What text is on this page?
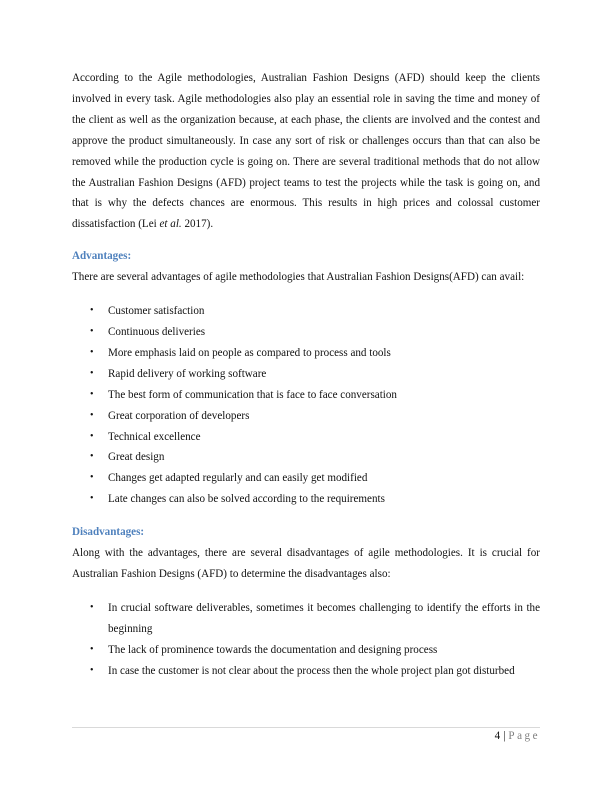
According to the Agile methodologies, Australian Fashion Designs (AFD) should keep the clients involved in every task. Agile methodologies also play an essential role in saving the time and money of the client as well as the organization because, at each phase, the clients are involved and the contest and approve the product simultaneously. In case any sort of risk or challenges occurs than that can also be removed while the production cycle is going on. There are several traditional methods that do not allow the Australian Fashion Designs (AFD) project teams to test the projects while the task is going on, and that is why the defects chances are enormous. This results in high prices and colossal customer dissatisfaction (Lei et al. 2017).

Advantages:

There are several advantages of agile methodologies that Australian Fashion Designs(AFD) can avail:

• Customer satisfaction
• Continuous deliveries
• More emphasis laid on people as compared to process and tools
• Rapid delivery of working software
• The best form of communication that is face to face conversation
• Great corporation of developers
• Technical excellence
• Great design
• Changes get adapted regularly and can easily get modified
• Late changes can also be solved according to the requirements
Disadvantages:

Along with the advantages, there are several disadvantages of agile methodologies. It is crucial for Australian Fashion Designs (AFD) to determine the disadvantages also:

• In crucial software deliverables, sometimes it becomes challenging to identify the efforts in the beginning
• The lack of prominence towards the documentation and designing process
• In case the customer is not clear about the process then the whole project plan got disturbed
4 | Page
